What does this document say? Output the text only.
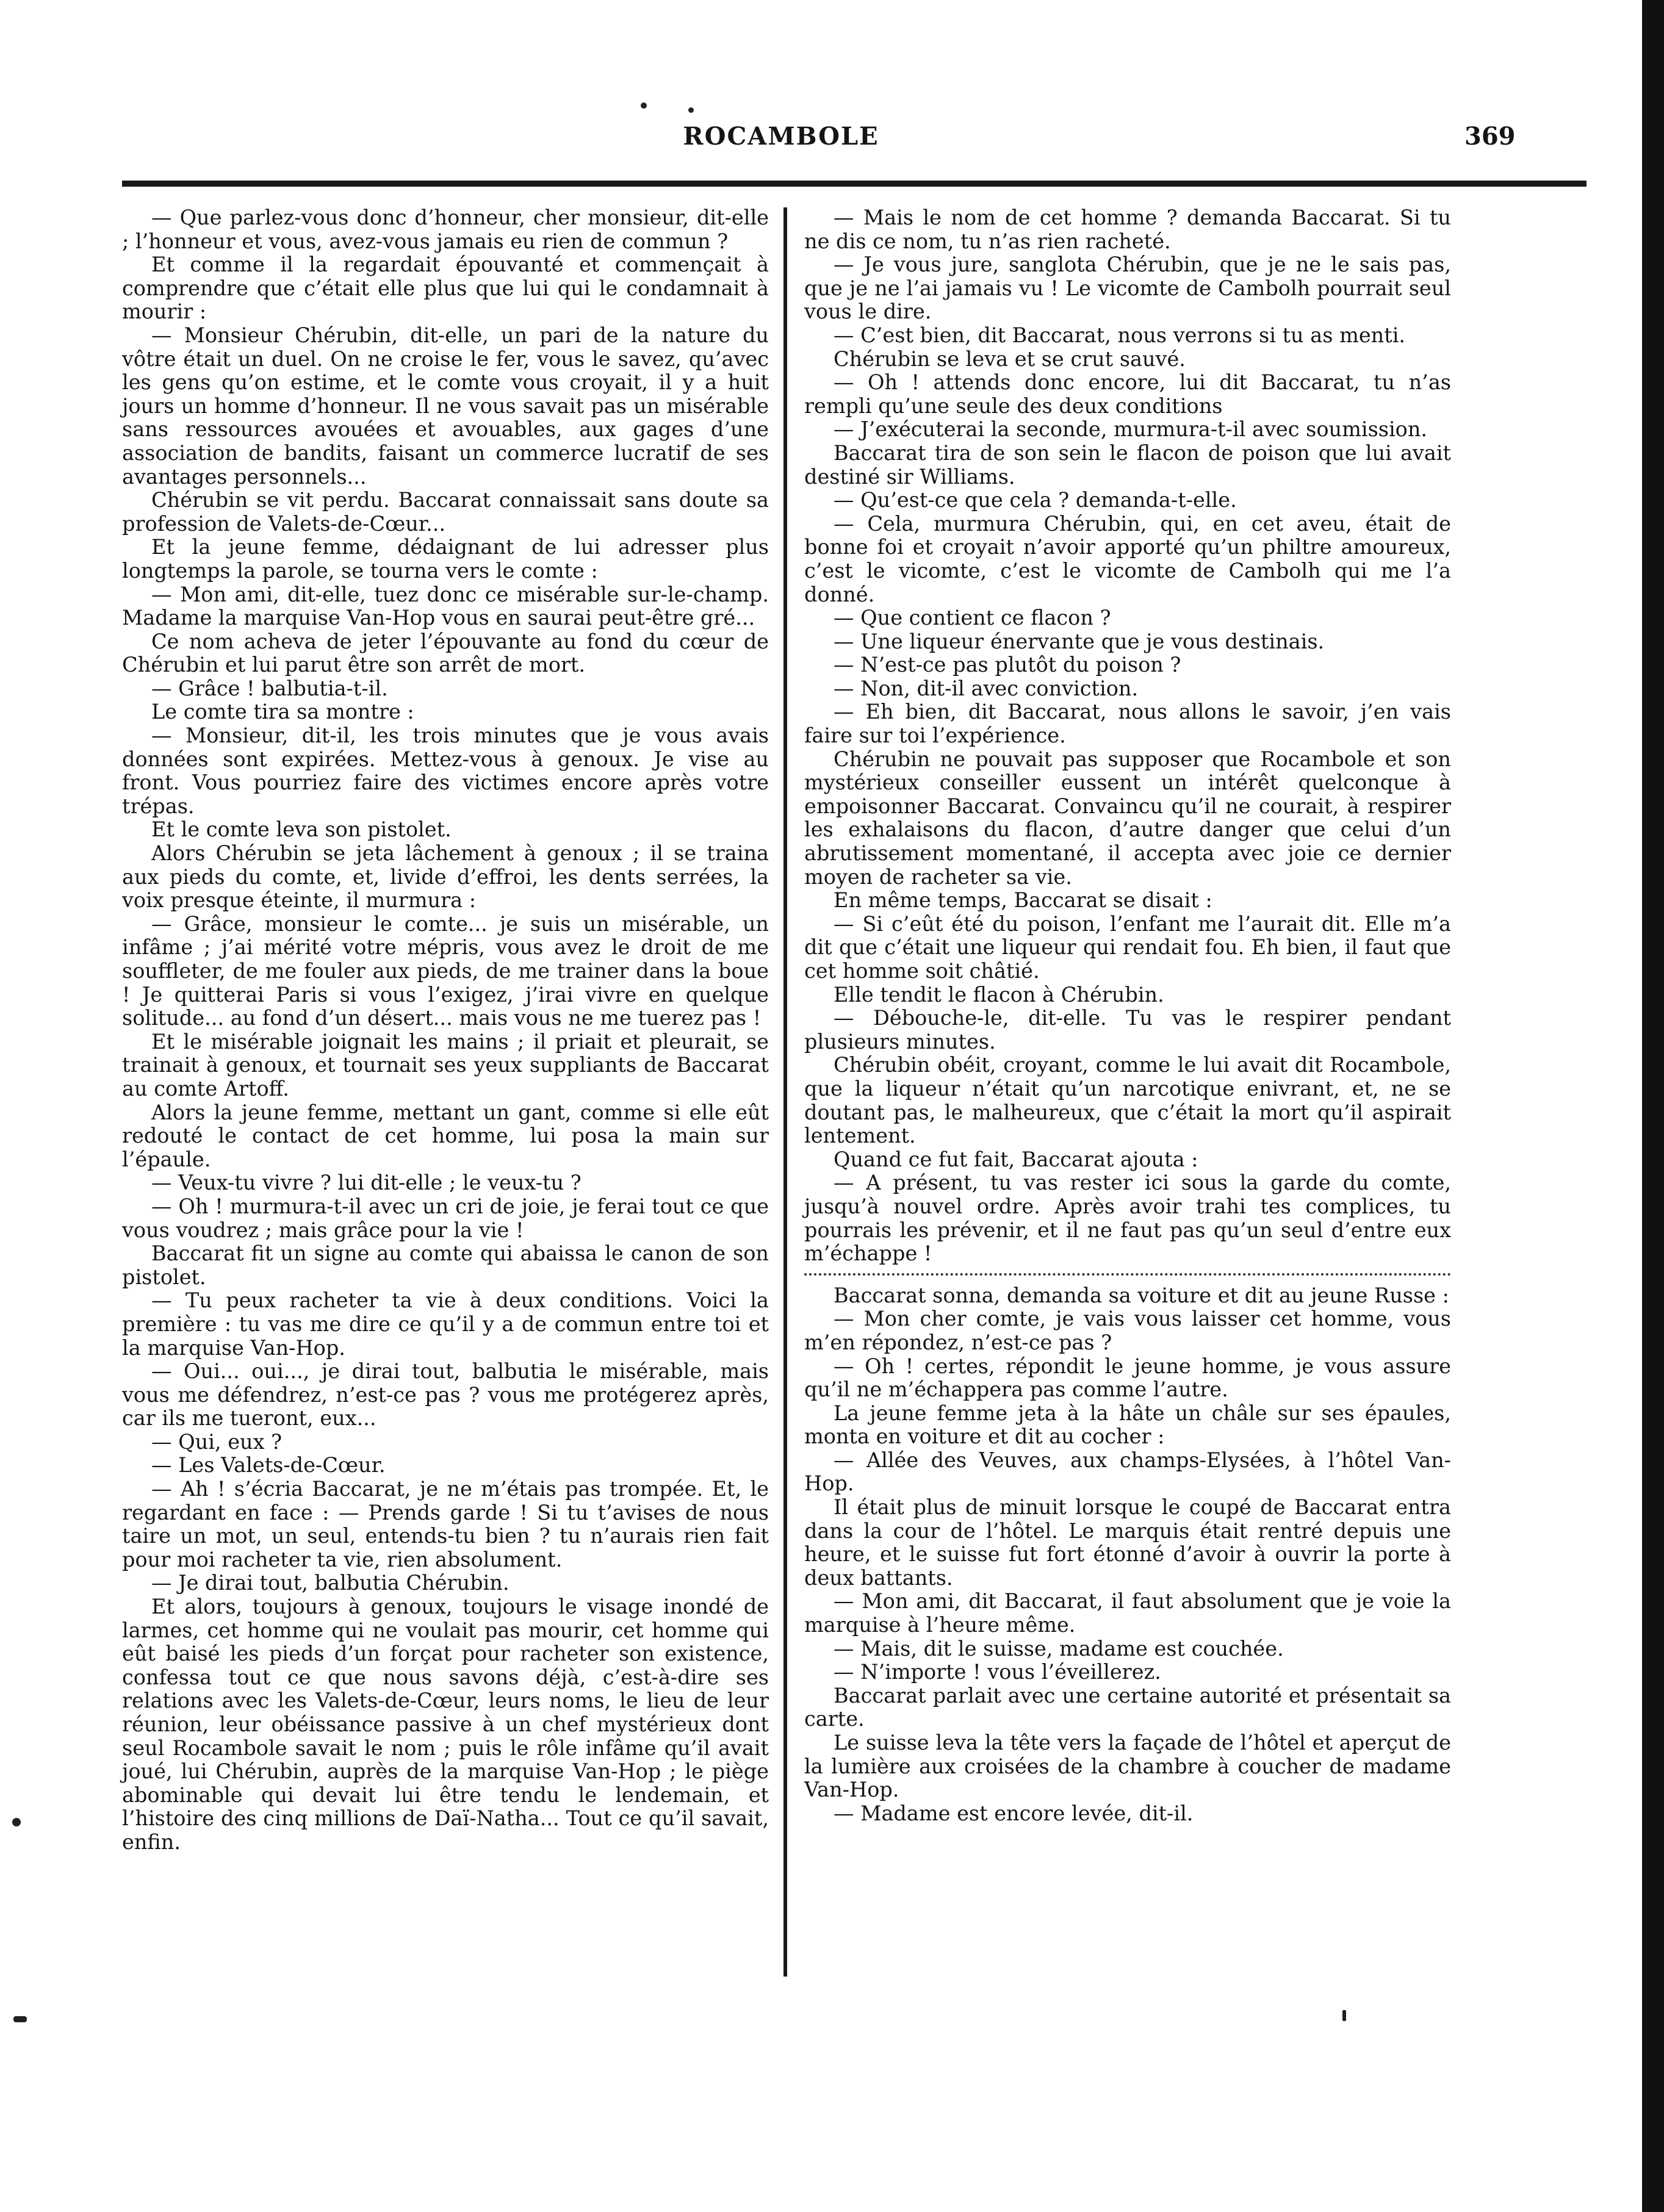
ROCAMBOLE	369

— Que parlez-vous donc d’honneur, cher monsieur, dit-elle ; l’honneur et vous, avez-vous jamais eu rien de commun ?

Et comme il la regardait épouvanté et commençait à comprendre que c’était elle plus que lui qui le condamnait à mourir :

— Monsieur Chérubin, dit-elle, un pari de la nature du vôtre était un duel. On ne croise le fer, vous le savez, qu’avec les gens qu’on estime, et le comte vous croyait, il y a huit jours un homme d’honneur. Il ne vous savait pas un misérable sans ressources avouées et avouables, aux gages d’une association de bandits, faisant un commerce lucratif de ses avantages personnels...

Chérubin se vit perdu. Baccarat connaissait sans doute sa profession de Valets-de-Cœur...

Et la jeune femme, dédaignant de lui adresser plus longtemps la parole, se tourna vers le comte :

— Mon ami, dit-elle, tuez donc ce misérable sur-le-champ. Madame la marquise Van-Hop vous en saurai peut-être gré...

Ce nom acheva de jeter l’épouvante au fond du cœur de Chérubin et lui parut être son arrêt de mort.

— Grâce ! balbutia-t-il.

Le comte tira sa montre :

— Monsieur, dit-il, les trois minutes que je vous avais données sont expirées. Mettez-vous à genoux. Je vise au front. Vous pourriez faire des victimes encore après votre trépas.

Et le comte leva son pistolet.

Alors Chérubin se jeta lâchement à genoux ; il se traina aux pieds du comte, et, livide d’effroi, les dents serrées, la voix presque éteinte, il murmura :

— Grâce, monsieur le comte... je suis un misérable, un infâme ; j’ai mérité votre mépris, vous avez le droit de me souffleter, de me fouler aux pieds, de me trainer dans la boue ! Je quitterai Paris si vous l’exigez, j’irai vivre en quelque solitude... au fond d’un désert... mais vous ne me tuerez pas !

Et le misérable joignait les mains ; il priait et pleurait, se trainait à genoux, et tournait ses yeux suppliants de Baccarat au comte Artoff.

Alors la jeune femme, mettant un gant, comme si elle eût redouté le contact de cet homme, lui posa la main sur l’épaule.

— Veux-tu vivre ? lui dit-elle ; le veux-tu ?

— Oh ! murmura-t-il avec un cri de joie, je ferai tout ce que vous voudrez ; mais grâce pour la vie !

Baccarat fit un signe au comte qui abaissa le canon de son pistolet.

— Tu peux racheter ta vie à deux conditions. Voici la première : tu vas me dire ce qu’il y a de commun entre toi et la marquise Van-Hop.

— Oui... oui..., je dirai tout, balbutia le misérable, mais vous me défendrez, n’est-ce pas ? vous me protégerez après, car ils me tueront, eux...

— Qui, eux ?

— Les Valets-de-Cœur.

— Ah ! s’écria Baccarat, je ne m’étais pas trompée. Et, le regardant en face : — Prends garde ! Si tu t’avises de nous taire un mot, un seul, entends-tu bien ? tu n’aurais rien fait pour moi racheter ta vie, rien absolument.

— Je dirai tout, balbutia Chérubin.

Et alors, toujours à genoux, toujours le visage inondé de larmes, cet homme qui ne voulait pas mourir, cet homme qui eût baisé les pieds d’un forçat pour racheter son existence, confessa tout ce que nous savons déjà, c’est-à-dire ses relations avec les Valets-de-Cœur, leurs noms, le lieu de leur réunion, leur obéissance passive à un chef mystérieux dont seul Rocambole savait le nom ; puis le rôle infâme qu’il avait joué, lui Chérubin, auprès de la marquise Van-Hop ; le piège abominable qui devait lui être tendu le lendemain, et l’histoire des cinq millions de Daï-Natha... Tout ce qu’il savait, enfin.

— Mais le nom de cet homme ? demanda Baccarat. Si tu ne dis ce nom, tu n’as rien racheté.

— Je vous jure, sanglota Chérubin, que je ne le sais pas, que je ne l’ai jamais vu ! Le vicomte de Cambolh pourrait seul vous le dire.

— C’est bien, dit Baccarat, nous verrons si tu as menti.

Chérubin se leva et se crut sauvé.

— Oh ! attends donc encore, lui dit Baccarat, tu n’as rempli qu’une seule des deux conditions

— J’exécuterai la seconde, murmura-t-il avec soumission.

Baccarat tira de son sein le flacon de poison que lui avait destiné sir Williams.

— Qu’est-ce que cela ? demanda-t-elle.

— Cela, murmura Chérubin, qui, en cet aveu, était de bonne foi et croyait n’avoir apporté qu’un philtre amoureux, c’est le vicomte, c’est le vicomte de Cambolh qui me l’a donné.

— Que contient ce flacon ?

— Une liqueur énervante que je vous destinais.

— N’est-ce pas plutôt du poison ?

— Non, dit-il avec conviction.

— Eh bien, dit Baccarat, nous allons le savoir, j’en vais faire sur toi l’expérience.

Chérubin ne pouvait pas supposer que Rocambole et son mystérieux conseiller eussent un intérêt quelconque à empoisonner Baccarat. Convaincu qu’il ne courait, à respirer les exhalaisons du flacon, d’autre danger que celui d’un abrutissement momentané, il accepta avec joie ce dernier moyen de racheter sa vie.

En même temps, Baccarat se disait :

— Si c’eût été du poison, l’enfant me l’aurait dit. Elle m’a dit que c’était une liqueur qui rendait fou. Eh bien, il faut que cet homme soit châtié.

Elle tendit le flacon à Chérubin.

— Débouche-le, dit-elle. Tu vas le respirer pendant plusieurs minutes.

Chérubin obéit, croyant, comme le lui avait dit Rocambole, que la liqueur n’était qu’un narcotique enivrant, et, ne se doutant pas, le malheureux, que c’était la mort qu’il aspirait lentement.

Quand ce fut fait, Baccarat ajouta :

— A présent, tu vas rester ici sous la garde du comte, jusqu’à nouvel ordre. Après avoir trahi tes complices, tu pourrais les prévenir, et il ne faut pas qu’un seul d’entre eux m’échappe !

Baccarat sonna, demanda sa voiture et dit au jeune Russe :

— Mon cher comte, je vais vous laisser cet homme, vous m’en répondez, n’est-ce pas ?

— Oh ! certes, répondit le jeune homme, je vous assure qu’il ne m’échappera pas comme l’autre.

La jeune femme jeta à la hâte un châle sur ses épaules, monta en voiture et dit au cocher :

— Allée des Veuves, aux champs-Elysées, à l’hôtel Van-Hop.

Il était plus de minuit lorsque le coupé de Baccarat entra dans la cour de l’hôtel. Le marquis était rentré depuis une heure, et le suisse fut fort étonné d’avoir à ouvrir la porte à deux battants.

— Mon ami, dit Baccarat, il faut absolument que je voie la marquise à l’heure même.

— Mais, dit le suisse, madame est couchée.

— N’importe ! vous l’éveillerez.

Baccarat parlait avec une certaine autorité et présentait sa carte.

Le suisse leva la tête vers la façade de l’hôtel et aperçut de la lumière aux croisées de la chambre à coucher de madame Van-Hop.

— Madame est encore levée, dit-il.
